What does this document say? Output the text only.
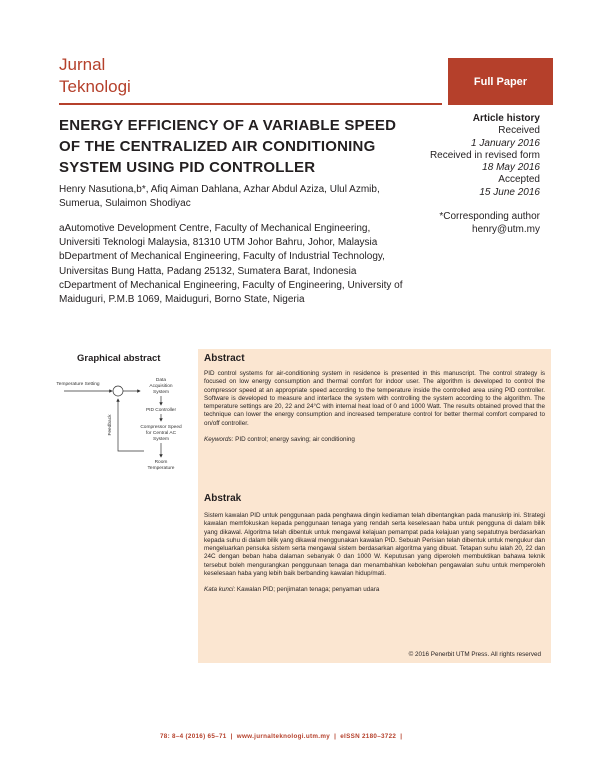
Jurnal
Teknologi	Full Paper
ENERGY EFFICIENCY OF A VARIABLE SPEED OF THE CENTRALIZED AIR CONDITIONING SYSTEM USING PID CONTROLLER
Article history
Received
1 January 2016
Received in revised form
18 May 2016
Accepted
15 June 2016
Henry Nasutiona,b*, Afiq Aiman Dahlana, Azhar Abdul Aziza, Ulul Azmib, Sumerua, Sulaimon Shodiyac
*Corresponding author
henry@utm.my

aAutomotive Development Centre, Faculty of Mechanical Engineering, Universiti Teknologi Malaysia, 81310 UTM Johor Bahru, Johor, Malaysia

bDepartment of Mechanical Engineering, Faculty of Industrial Technology, Universitas Bung Hatta, Padang 25132, Sumatera Barat, Indonesia

cDepartment of Mechanical Engineering, Faculty of Engineering, University of Maiduguri, P.M.B 1069, Maiduguri, Borno State, Nigeria

Graphical abstract
Temperature Setting
Data
Acquisition
System
PID Controller
Compressor Speed
for Central AC
System
Room
Temperature
Feedback

Abstract

PID control systems for air-conditioning system in residence is presented in this manuscript. The control strategy is focused on low energy consumption and thermal comfort for indoor user. The algorithm is developed to control the compressor speed at an appropriate speed according to the temperature inside the controlled area using PID controller. Software is developed to measure and interface the system with controlling the system according to the algorithm. The temperature settings are 20, 22 and 24°C with internal heat load of 0 and 1000 Watt. The results obtained proved that the technique can lower the energy consumption and increased temperature control for better thermal comfort compared to on/off controller.

Keywords: PID control; energy saving; air conditioning

Abstrak

Sistem kawalan PID untuk penggunaan pada penghawa dingin kediaman telah dibentangkan pada manuskrip ini. Strategi kawalan memfokuskan kepada penggunaan tenaga yang rendah serta keselesaan haba untuk pengguna di dalam bilik yang dikawal. Algoritma telah dibentuk untuk mengawal kelajuan pemampat pada kelajuan yang sepatutnya berdasarkan kepada suhu di dalam bilik yang dikawal menggunakan kawalan PID. Sebuah Perisian telah dibentuk untuk mengukur dan mengeluarkan pensuka sistem serta mengawal sistem berdasarkan algoritma yang dibuat. Tetapan suhu ialah 20, 22 dan 24C dengan beban haba dalaman sebanyak 0 dan 1000 W. Keputusan yang diperoleh membuktikan bahawa teknik tersebut boleh mengurangkan penggunaan tenaga dan menambahkan kebolehan pengawalan suhu untuk memperoleh keselesaan haba yang lebih baik berbanding kawalan hidup/mati.

Kata kunci: Kawalan PID; penjimatan tenaga; penyaman udara

© 2016 Penerbit UTM Press. All rights reserved
78: 8–4 (2016) 65–71 | www.jurnalteknologi.utm.my | eISSN 2180–3722 |
